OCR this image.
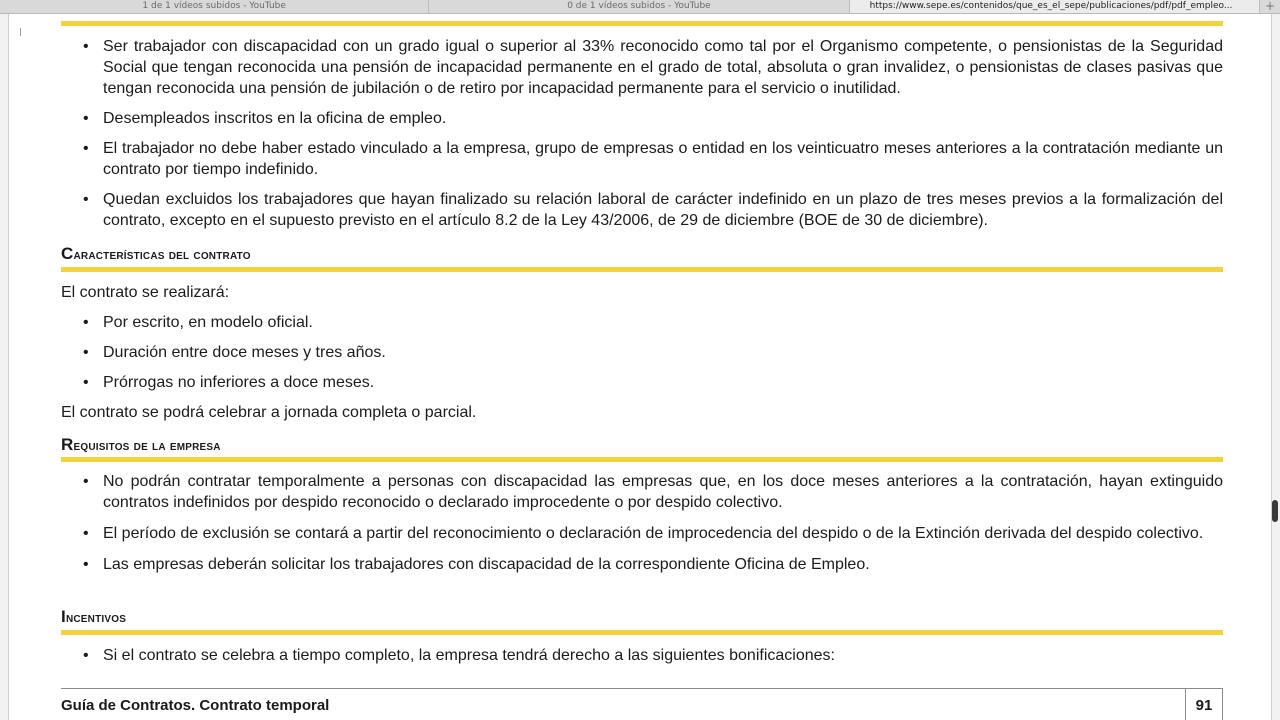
1 de 1 vídeos subidos - YouTube	0 de 1 vídeos subidos - YouTube	https://www.sepe.es/contenidos/que_es_el_sepe/publicaciones/pdf/pdf_empleo...	+
• Ser trabajador con discapacidad con un grado igual o superior al 33% reconocido como tal por el Organismo competente, o pensionistas de la Seguridad Social que tengan reconocida una pensión de incapacidad permanente en el grado de total, absoluta o gran invalidez, o pensionistas de clases pasivas que tengan reconocida una pensión de jubilación o de retiro por incapacidad permanente para el servicio o inutilidad.
• Desempleados inscritos en la oficina de empleo.
• El trabajador no debe haber estado vinculado a la empresa, grupo de empresas o entidad en los veinticuatro meses anteriores a la contratación mediante un contrato por tiempo indefinido.
• Quedan excluidos los trabajadores que hayan finalizado su relación laboral de carácter indefinido en un plazo de tres meses previos a la formalización del contrato, excepto en el supuesto previsto en el artículo 8.2 de la Ley 43/2006, de 29 de diciembre (BOE de 30 de diciembre).
Características del contrato

El contrato se realizará:

• Por escrito, en modelo oficial.
• Duración entre doce meses y tres años.
• Prórrogas no inferiores a doce meses.

El contrato se podrá celebrar a jornada completa o parcial.

Requisitos de la empresa
• No podrán contratar temporalmente a personas con discapacidad las empresas que, en los doce meses anteriores a la contratación, hayan extinguido contratos indefinidos por despido reconocido o declarado improcedente o por despido colectivo.
• El período de exclusión se contará a partir del reconocimiento o declaración de improcedencia del despido o de la Extinción derivada del despido colectivo.
• Las empresas deberán solicitar los trabajadores con discapacidad de la correspondiente Oficina de Empleo.
Incentivos
• Si el contrato se celebra a tiempo completo, la empresa tendrá derecho a las siguientes bonificaciones:
Guía de Contratos. Contrato temporal	91
